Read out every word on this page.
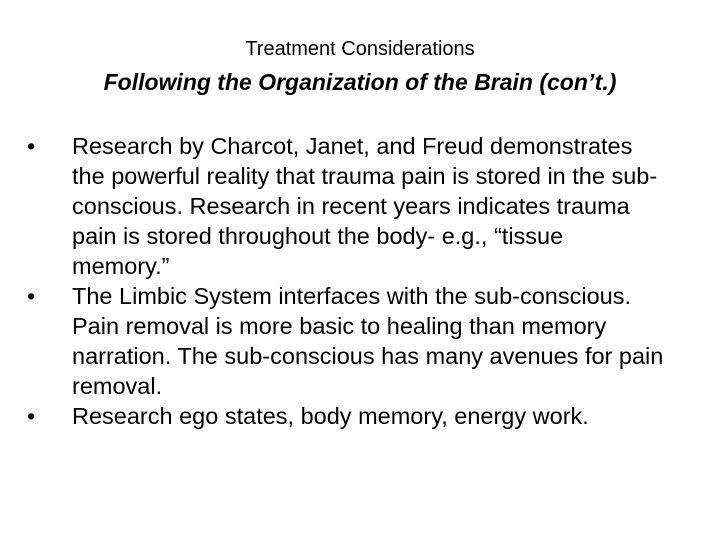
Treatment Considerations
Following the Organization of the Brain (con’t.)
•	Research by Charcot, Janet, and Freud demonstrates the powerful reality that trauma pain is stored in the sub-conscious. Research in recent years indicates trauma pain is stored throughout the body- e.g., “tissue memory.”
•	The Limbic System interfaces with the sub-conscious. Pain removal is more basic to healing than memory narration. The sub-conscious has many avenues for pain removal.
•	Research ego states, body memory, energy work.
